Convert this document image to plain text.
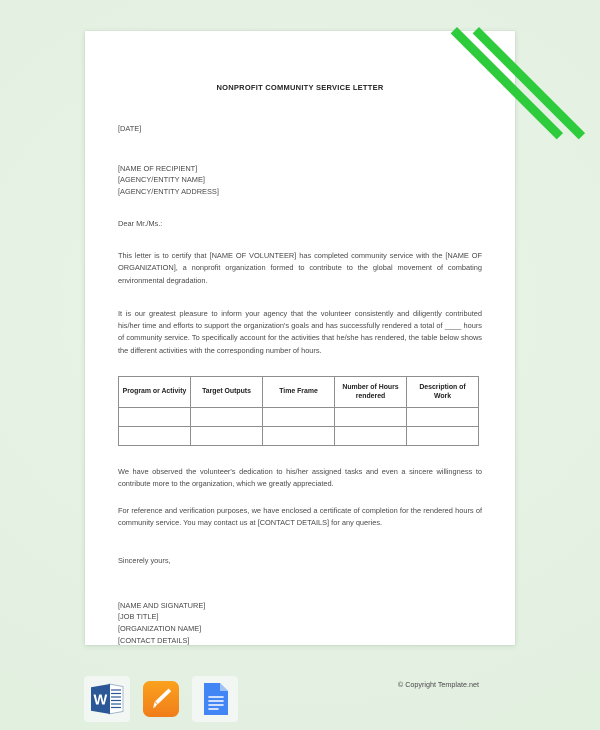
NONPROFIT COMMUNITY SERVICE LETTER
[DATE]
[NAME OF RECIPIENT]
[AGENCY/ENTITY NAME]
[AGENCY/ENTITY ADDRESS]
Dear Mr./Ms.:

This letter is to certify that [NAME OF VOLUNTEER] has completed community service with the [NAME OF ORGANIZATION], a nonprofit organization formed to contribute to the global movement of combating environmental degradation.

It is our greatest pleasure to inform your agency that the volunteer consistently and diligently contributed his/her time and efforts to support the organization's goals and has successfully rendered a total of ____ hours of community service. To specifically account for the activities that he/she has rendered, the table below shows the different activities with the corresponding number of hours.

Program or Activity	Target Outputs	Time Frame	Number of Hours rendered	Description of Work

We have observed the volunteer's dedication to his/her assigned tasks and even a sincere willingness to contribute more to the organization, which we greatly appreciated.

For reference and verification purposes, we have enclosed a certificate of completion for the rendered hours of community service. You may contact us at [CONTACT DETAILS] for any queries.

Sincerely yours,
[NAME AND SIGNATURE]
[JOB TITLE]
[ORGANIZATION NAME]
[CONTACT DETAILS]
© Copyright Template.net
W
